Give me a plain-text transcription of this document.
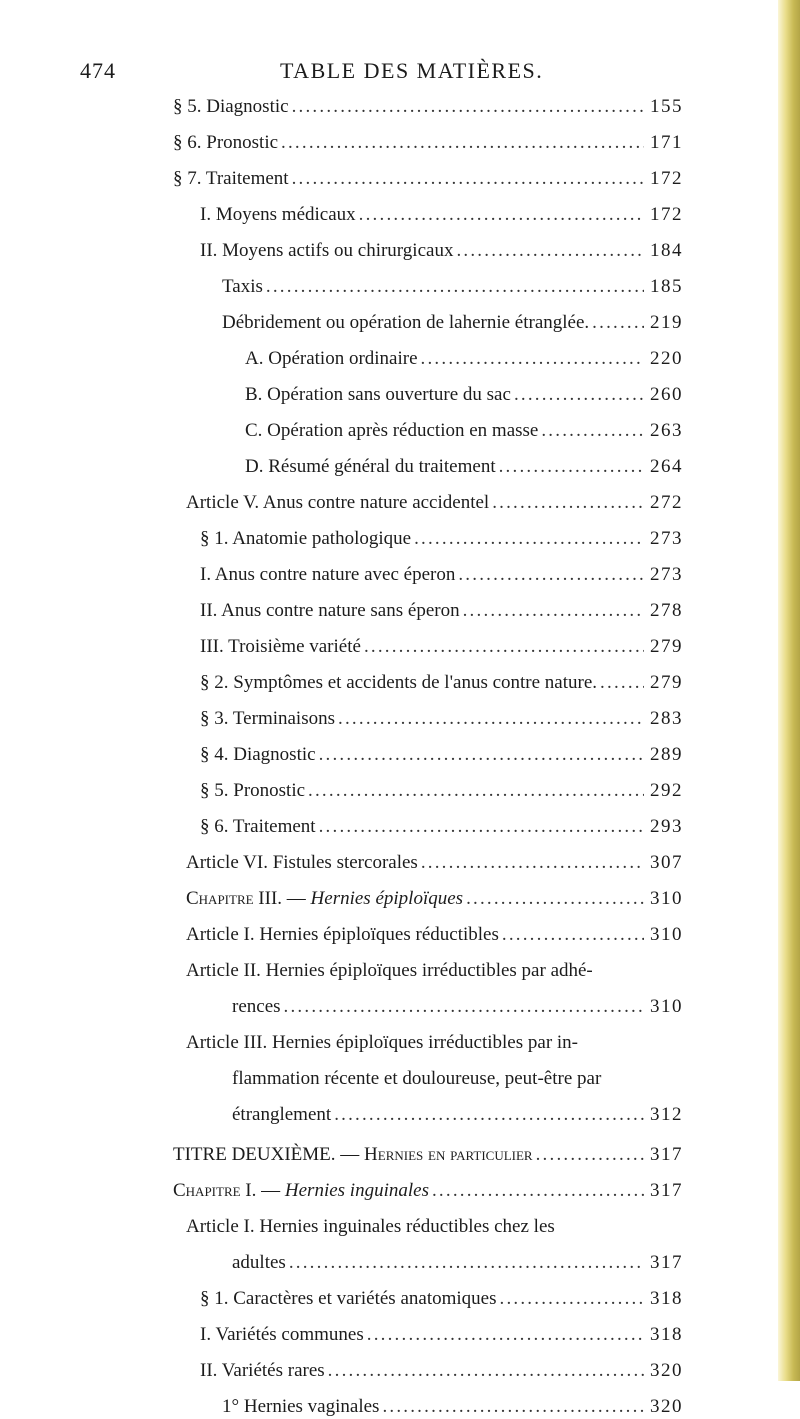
474	TABLE DES MATIÈRES.
§ 5. Diagnostic .....	155
§ 6. Pronostic .....	171
§ 7. Traitement .....	172
I. Moyens médicaux .....	172
II. Moyens actifs ou chirurgicaux .....	184
Taxis .....	185
Débridement ou opération de lahernie étranglée. .....	219
A. Opération ordinaire .....	220
B. Opération sans ouverture du sac .....	260
C. Opération après réduction en masse .....	263
D. Résumé général du traitement .....	264
Article V. Anus contre nature accidentel .....	272
§ 1. Anatomie pathologique .....	273
I. Anus contre nature avec éperon .....	273
II. Anus contre nature sans éperon .....	278
III. Troisième variété .....	279
§ 2. Symptômes et accidents de l'anus contre nature. .....	279
§ 3. Terminaisons .....	283
§ 4. Diagnostic .....	289
§ 5. Pronostic .....	292
§ 6. Traitement .....	293
Article VI. Fistules stercorales .....	307
Chapitre III. — Hernies épiploïques .....	310
Article I. Hernies épiploïques réductibles .....	310
Article II. Hernies épiploïques irréductibles par adhé-
rences .....	310
Article III. Hernies épiploïques irréductibles par in-
flammation récente et douloureuse, peut-être par
étranglement .....	312
TITRE DEUXIÈME. — Hernies en particulier .....	317
Chapitre I. — Hernies inguinales .....	317
Article I. Hernies inguinales réductibles chez les
adultes .....	317
§ 1. Caractères et variétés anatomiques .....	318
I. Variétés communes .....	318
II. Variétés rares .....	320
1° Hernies vaginales .....	320
